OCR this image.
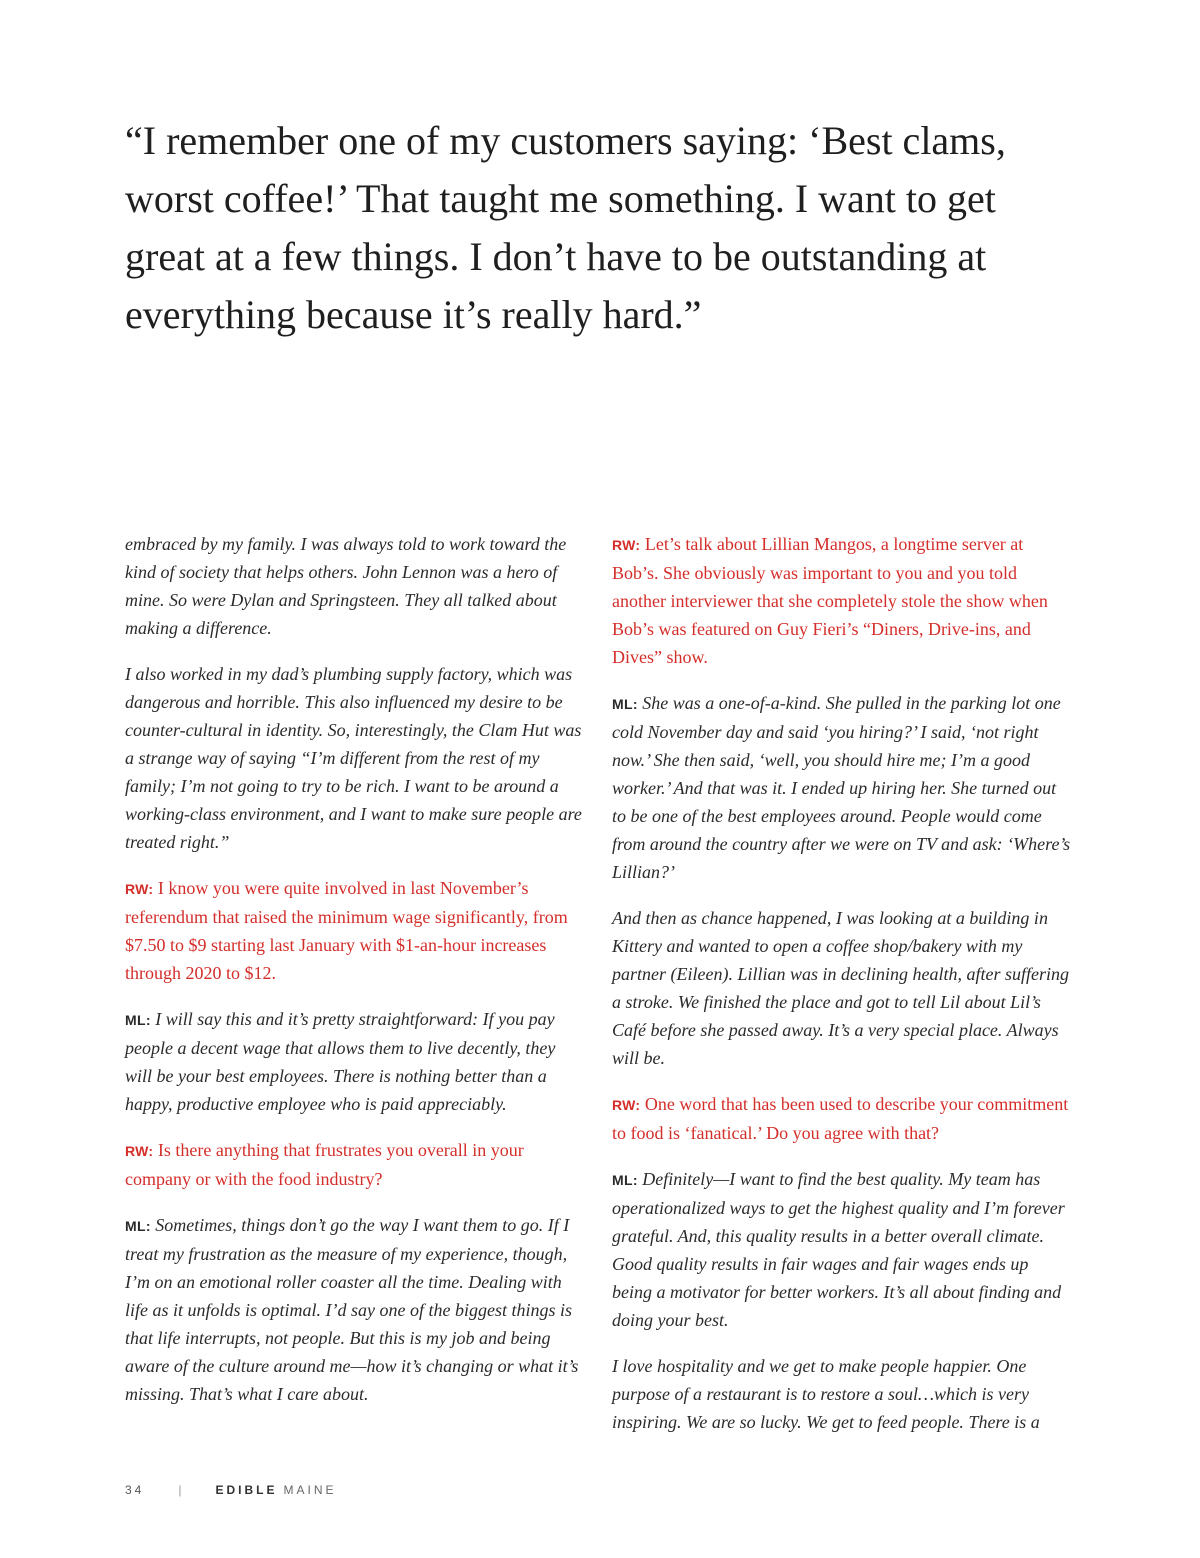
“I remember one of my customers saying: ‘Best clams, worst coffee!’ That taught me something. I want to get great at a few things. I don’t have to be outstanding at everything because it’s really hard.”

embraced by my family. I was always told to work toward the kind of society that helps others. John Lennon was a hero of mine. So were Dylan and Springsteen. They all talked about making a difference.

I also worked in my dad’s plumbing supply factory, which was dangerous and horrible. This also influenced my desire to be counter-cultural in identity. So, interestingly, the Clam Hut was a strange way of saying “I’m different from the rest of my family; I’m not going to try to be rich. I want to be around a working-class environment, and I want to make sure people are treated right.”

RW: I know you were quite involved in last November’s referendum that raised the minimum wage significantly, from $7.50 to $9 starting last January with $1-an-hour increases through 2020 to $12.

ML: I will say this and it’s pretty straightforward: If you pay people a decent wage that allows them to live decently, they will be your best employees. There is nothing better than a happy, productive employee who is paid appreciably.

RW: Is there anything that frustrates you overall in your company or with the food industry?

ML: Sometimes, things don’t go the way I want them to go. If I treat my frustration as the measure of my experience, though, I’m on an emotional roller coaster all the time. Dealing with life as it unfolds is optimal. I’d say one of the biggest things is that life interrupts, not people. But this is my job and being aware of the culture around me—how it’s changing or what it’s missing. That’s what I care about.

RW: Let’s talk about Lillian Mangos, a longtime server at Bob’s. She obviously was important to you and you told another interviewer that she completely stole the show when Bob’s was featured on Guy Fieri’s “Diners, Drive-ins, and Dives” show.

ML: She was a one-of-a-kind. She pulled in the parking lot one cold November day and said ‘you hiring?’ I said, ‘not right now.’ She then said, ‘well, you should hire me; I’m a good worker.’ And that was it. I ended up hiring her. She turned out to be one of the best employees around. People would come from around the country after we were on TV and ask: ‘Where’s Lillian?’

And then as chance happened, I was looking at a building in Kittery and wanted to open a coffee shop/bakery with my partner (Eileen). Lillian was in declining health, after suffering a stroke. We finished the place and got to tell Lil about Lil’s Café before she passed away. It’s a very special place. Always will be.

RW: One word that has been used to describe your commitment to food is ‘fanatical.’ Do you agree with that?

ML: Definitely—I want to find the best quality. My team has operationalized ways to get the highest quality and I’m forever grateful. And, this quality results in a better overall climate. Good quality results in fair wages and fair wages ends up being a motivator for better workers. It’s all about finding and doing your best.

I love hospitality and we get to make people happier. One purpose of a restaurant is to restore a soul…which is very inspiring. We are so lucky. We get to feed people. There is a

34	|	EDIBLE MAINE
